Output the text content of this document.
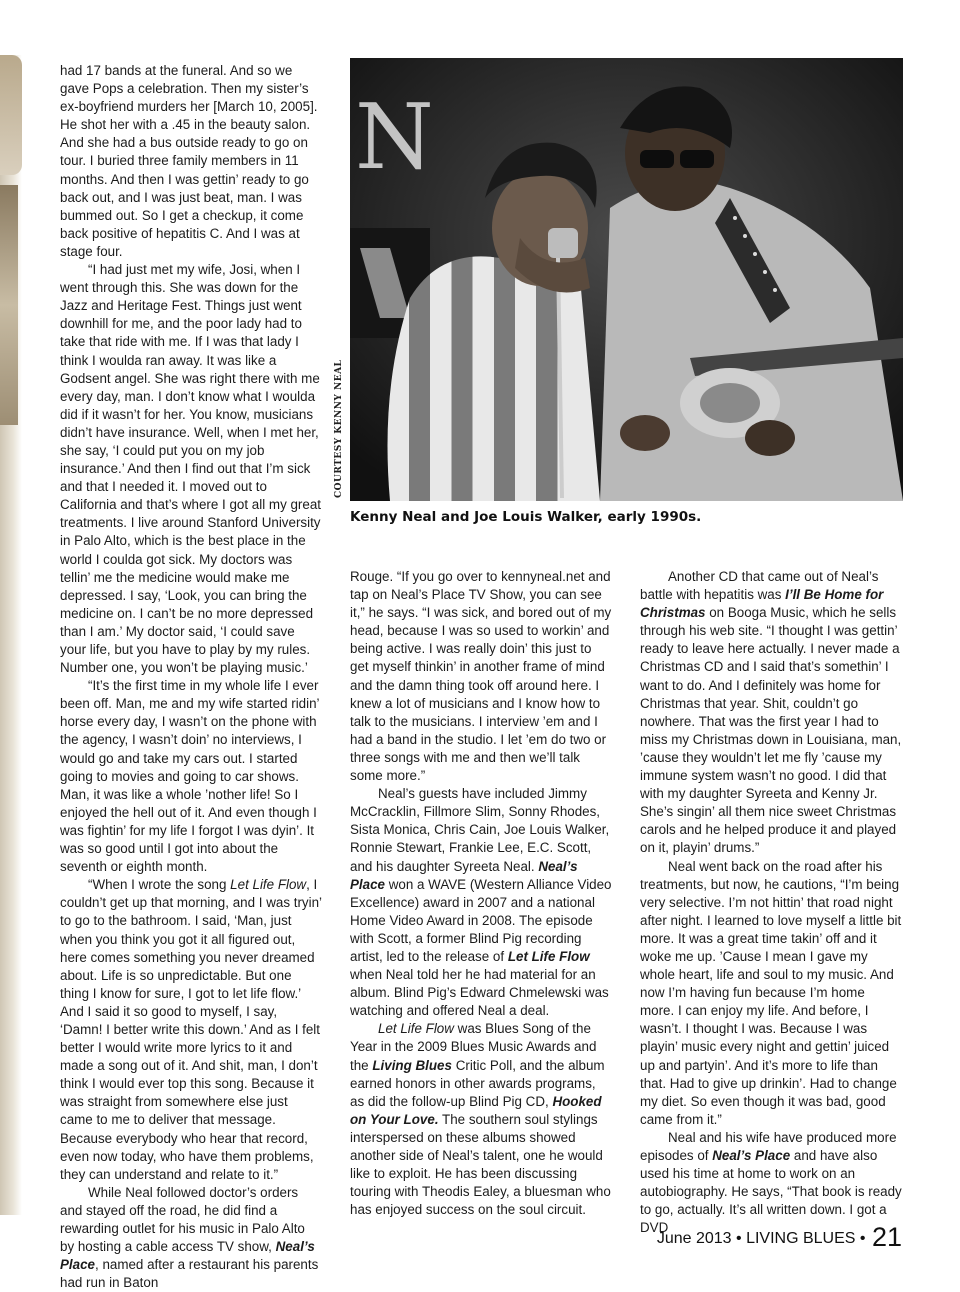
had 17 bands at the funeral. And so we gave Pops a celebration. Then my sister’s ex-boyfriend murders her [March 10, 2005]. He shot her with a .45 in the beauty salon. And she had a bus outside ready to go on tour. I buried three family members in 11 months. And then I was gettin’ ready to go back out, and I was just beat, man. I was bummed out. So I get a checkup, it come back positive of hepatitis C. And I was at stage four.

“I had just met my wife, Josi, when I went through this. She was down for the Jazz and Heritage Fest. Things just went downhill for me, and the poor lady had to take that ride with me. If I was that lady I think I woulda ran away. It was like a Godsent angel. She was right there with me every day, man. I don’t know what I woulda did if it wasn’t for her. You know, musicians didn’t have insurance. Well, when I met her, she say, ‘I could put you on my job insurance.’ And then I find out that I’m sick and that I needed it. I moved out to California and that’s where I got all my great treatments. I live around Stanford University in Palo Alto, which is the best place in the world I coulda got sick. My doctors was tellin’ me the medicine would make me depressed. I say, ‘Look, you can bring the medicine on. I can’t be no more depressed than I am.’ My doctor said, ‘I could save your life, but you have to play by my rules. Number one, you won’t be playing music.’

“It’s the first time in my whole life I ever been off. Man, me and my wife started ridin’ horse every day, I wasn’t on the phone with the agency, I wasn’t doin’ no interviews, I would go and take my cars out. I started going to movies and going to car shows. Man, it was like a whole ’nother life! So I enjoyed the hell out of it. And even though I was fightin’ for my life I forgot I was dyin’. It was so good until I got into about the seventh or eighth month.

“When I wrote the song Let Life Flow, I couldn’t get up that morning, and I was tryin’ to go to the bathroom. I said, ‘Man, just when you think you got it all figured out, here comes something you never dreamed about. Life is so unpredictable. But one thing I know for sure, I got to let life flow.’ And I said it so good to myself, I say, ‘Damn! I better write this down.’ And as I felt better I would write more lyrics to it and made a song out of it. And shit, man, I don’t think I would ever top this song. Because it was straight from somewhere else just came to me to deliver that message. Because everybody who hear that record, even now today, who have them problems, they can understand and relate to it.”

While Neal followed doctor’s orders and stayed off the road, he did find a rewarding outlet for his music in Palo Alto by hosting a cable access TV show, Neal’s Place, named after a restaurant his parents had run in Baton

N
COURTESY KENNY NEAL
Kenny Neal and Joe Louis Walker, early 1990s.

Rouge. “If you go over to kennyneal.net and tap on Neal’s Place TV Show, you can see it,” he says. “I was sick, and bored out of my head, because I was so used to workin’ and being active. I was really doin’ this just to get myself thinkin’ in another frame of mind and the damn thing took off around here. I knew a lot of musicians and I know how to talk to the musicians. I interview ’em and I had a band in the studio. I let ’em do two or three songs with me and then we’ll talk some more.”

Neal’s guests have included Jimmy McCracklin, Fillmore Slim, Sonny Rhodes, Sista Monica, Chris Cain, Joe Louis Walker, Ronnie Stewart, Frankie Lee, E.C. Scott, and his daughter Syreeta Neal. Neal’s Place won a WAVE (Western Alliance Video Excellence) award in 2007 and a national Home Video Award in 2008. The episode with Scott, a former Blind Pig recording artist, led to the release of Let Life Flow when Neal told her he had material for an album. Blind Pig’s Edward Chmelewski was watching and offered Neal a deal.

Let Life Flow was Blues Song of the Year in the 2009 Blues Music Awards and the Living Blues Critic Poll, and the album earned honors in other awards programs, as did the follow-up Blind Pig CD, Hooked on Your Love. The southern soul stylings interspersed on these albums showed another side of Neal’s talent, one he would like to exploit. He has been discussing touring with Theodis Ealey, a bluesman who has enjoyed success on the soul circuit.

Another CD that came out of Neal’s battle with hepatitis was I’ll Be Home for Christmas on Booga Music, which he sells through his web site. “I thought I was gettin’ ready to leave here actually. I never made a Christmas CD and I said that’s somethin’ I want to do. And I definitely was home for Christmas that year. Shit, couldn’t go nowhere. That was the first year I had to miss my Christmas down in Louisiana, man, ’cause they wouldn’t let me fly ’cause my immune system wasn’t no good. I did that with my daughter Syreeta and Kenny Jr. She’s singin’ all them nice sweet Christmas carols and he helped produce it and played on it, playin’ drums.”

Neal went back on the road after his treatments, but now, he cautions, “I’m being very selective. I’m not hittin’ that road night after night. I learned to love myself a little bit more. It was a great time takin’ off and it woke me up. ’Cause I mean I gave my whole heart, life and soul to my music. And now I’m having fun because I’m home more. I can enjoy my life. And before, I wasn’t. I thought I was. Because I was playin’ music every night and gettin’ juiced up and partyin’. And it’s more to life than that. Had to give up drinkin’. Had to change my diet. So even though it was bad, good came from it.”

Neal and his wife have produced more episodes of Neal’s Place and have also used his time at home to work on an autobiography. He says, “That book is ready to go, actually. It’s all written down. I got a DVD

June 2013 • LIVING BLUES • 21
